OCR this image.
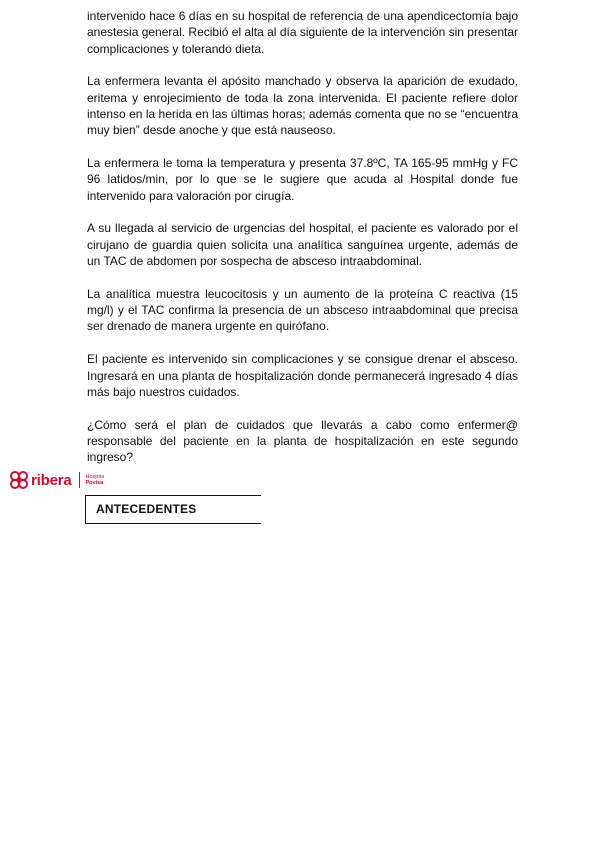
intervenido hace 6 días en su hospital de referencia de una apendicectomía bajo anestesia general. Recibió el alta al día siguiente de la intervención sin presentar complicaciones y tolerando dieta.

La enfermera levanta el apósito manchado y observa la aparición de exudado, eritema y enrojecimiento de toda la zona intervenida. El paciente refiere dolor intenso en la herida en las últimas horas; además comenta que no se “encuentra muy bien” desde anoche y que está nauseoso.

La enfermera le toma la temperatura y presenta 37.8ºC, TA 165-95 mmHg y FC 96 latidos/min, por lo que se le sugiere que acuda al Hospital donde fue intervenido para valoración por cirugía.

A su llegada al servicio de urgencias del hospital, el paciente es valorado por el cirujano de guardia quien solicita una analítica sanguínea urgente, además de un TAC de abdomen por sospecha de absceso intraabdominal.

La analítica muestra leucocitosis y un aumento de la proteína C reactiva (15 mg/l) y el TAC confirma la presencia de un absceso intraabdominal que precisa ser drenado de manera urgente en quirófano.

El paciente es intervenido sin complicaciones y se consigue drenar el absceso. Ingresará en una planta de hospitalización donde permanecerá ingresado 4 días más bajo nuestros cuidados.

¿Cómo será el plan de cuidados que llevarás a cabo como enfermer@ responsable del paciente en la planta de hospitalización en este segundo ingreso?

ribera	Hospita
Povisa
ANTECEDENTES
